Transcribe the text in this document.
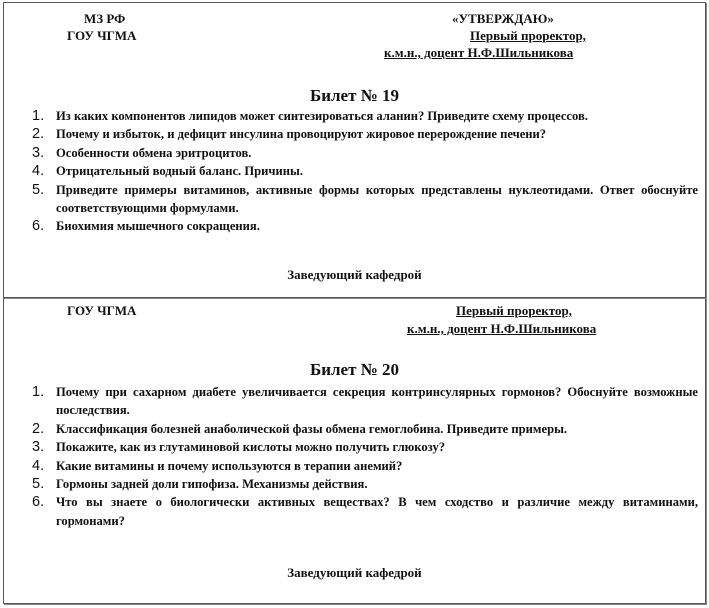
МЗ РФ
ГОУ ЧГМА
«УТВЕРЖДАЮ»
Первый проректор,
к.м.н., доцент Н.Ф.Шильникова
Билет № 19
1. Из каких компонентов липидов может синтезироваться аланин? Приведите схему процессов.
2. Почему и избыток, и дефицит инсулина провоцируют жировое перерождение печени?
3. Особенности обмена эритроцитов.
4. Отрицательный водный баланс. Причины.
5. Приведите примеры витаминов, активные формы которых представлены нуклеотидами. Ответ обоснуйте соответствующими формулами.
6. Биохимия мышечного сокращения.
Заведующий кафедрой
ГОУ ЧГМА	Первый проректор,
к.м.н., доцент Н.Ф.Шильникова
Билет № 20
1. Почему при сахарном диабете увеличивается секреция контринсулярных гормонов? Обоснуйте возможные последствия.
2. Классификация болезней анаболической фазы обмена гемоглобина. Приведите примеры.
3. Покажите, как из глутаминовой кислоты можно получить глюкозу?
4. Какие витамины и почему используются в терапии анемий?
5. Гормоны задней доли гипофиза. Механизмы действия.
6. Что вы знаете о биологически активных веществах? В чем сходство и различие между витаминами, гормонами?
Заведующий кафедрой
